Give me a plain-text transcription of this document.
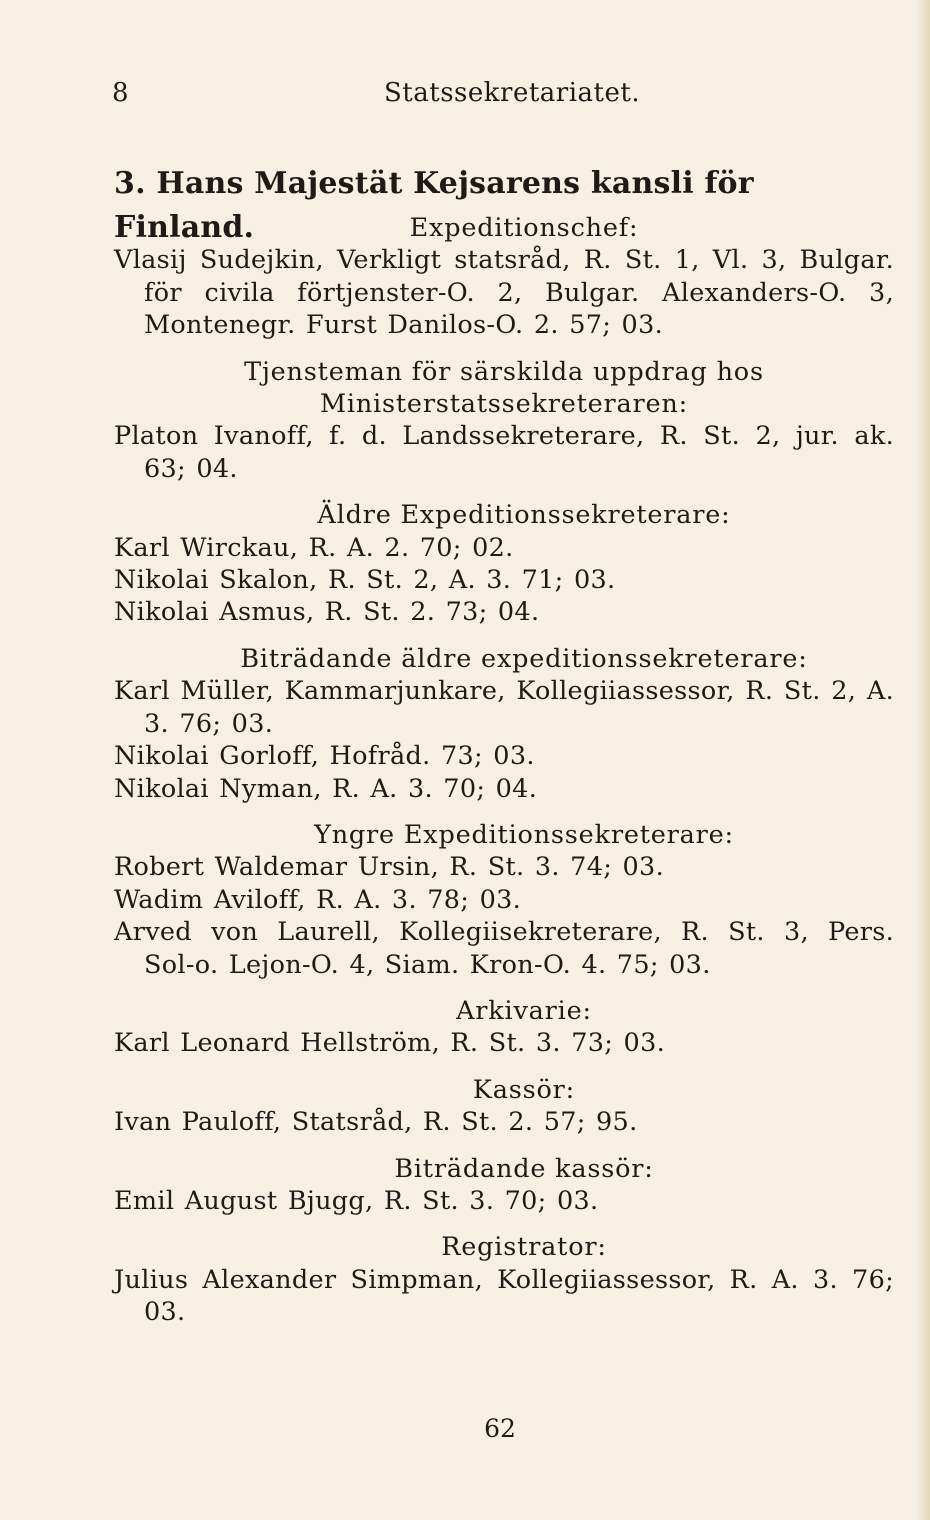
8	Statssekretariatet.
3. Hans Majestät Kejsarens kansli för Finland.	Expeditionschef:
Vlasij Sudejkin, Verkligt statsråd, R. St. 1, Vl. 3, Bulgar. för civila förtjenster-O. 2, Bulgar. Alexanders-O. 3, Montenegr. Furst Danilos-O. 2. 57; 03.
Tjensteman för särskilda uppdrag hos Ministerstatssekreteraren:
Platon Ivanoff, f. d. Landssekreterare, R. St. 2, jur. ak. 63; 04.
Äldre Expeditionssekreterare:
Karl Wirckau, R. A. 2. 70; 02.
Nikolai Skalon, R. St. 2, A. 3. 71; 03.
Nikolai Asmus, R. St. 2. 73; 04.
Biträdande äldre expeditionssekreterare:
Karl Müller, Kammarjunkare, Kollegiiassessor, R. St. 2, A. 3. 76; 03.
Nikolai Gorloff, Hofråd. 73; 03.
Nikolai Nyman, R. A. 3. 70; 04.
Yngre Expeditionssekreterare:
Robert Waldemar Ursin, R. St. 3. 74; 03.
Wadim Aviloff, R. A. 3. 78; 03.
Arved von Laurell, Kollegiisekreterare, R. St. 3, Pers. Sol-o. Lejon-O. 4, Siam. Kron-O. 4. 75; 03.
Arkivarie:
Karl Leonard Hellström, R. St. 3. 73; 03.
Kassör:
Ivan Pauloff, Statsråd, R. St. 2. 57; 95.
Biträdande kassör:
Emil August Bjugg, R. St. 3. 70; 03.
Registrator:
Julius Alexander Simpman, Kollegiiassessor, R. A. 3. 76; 03.
62
